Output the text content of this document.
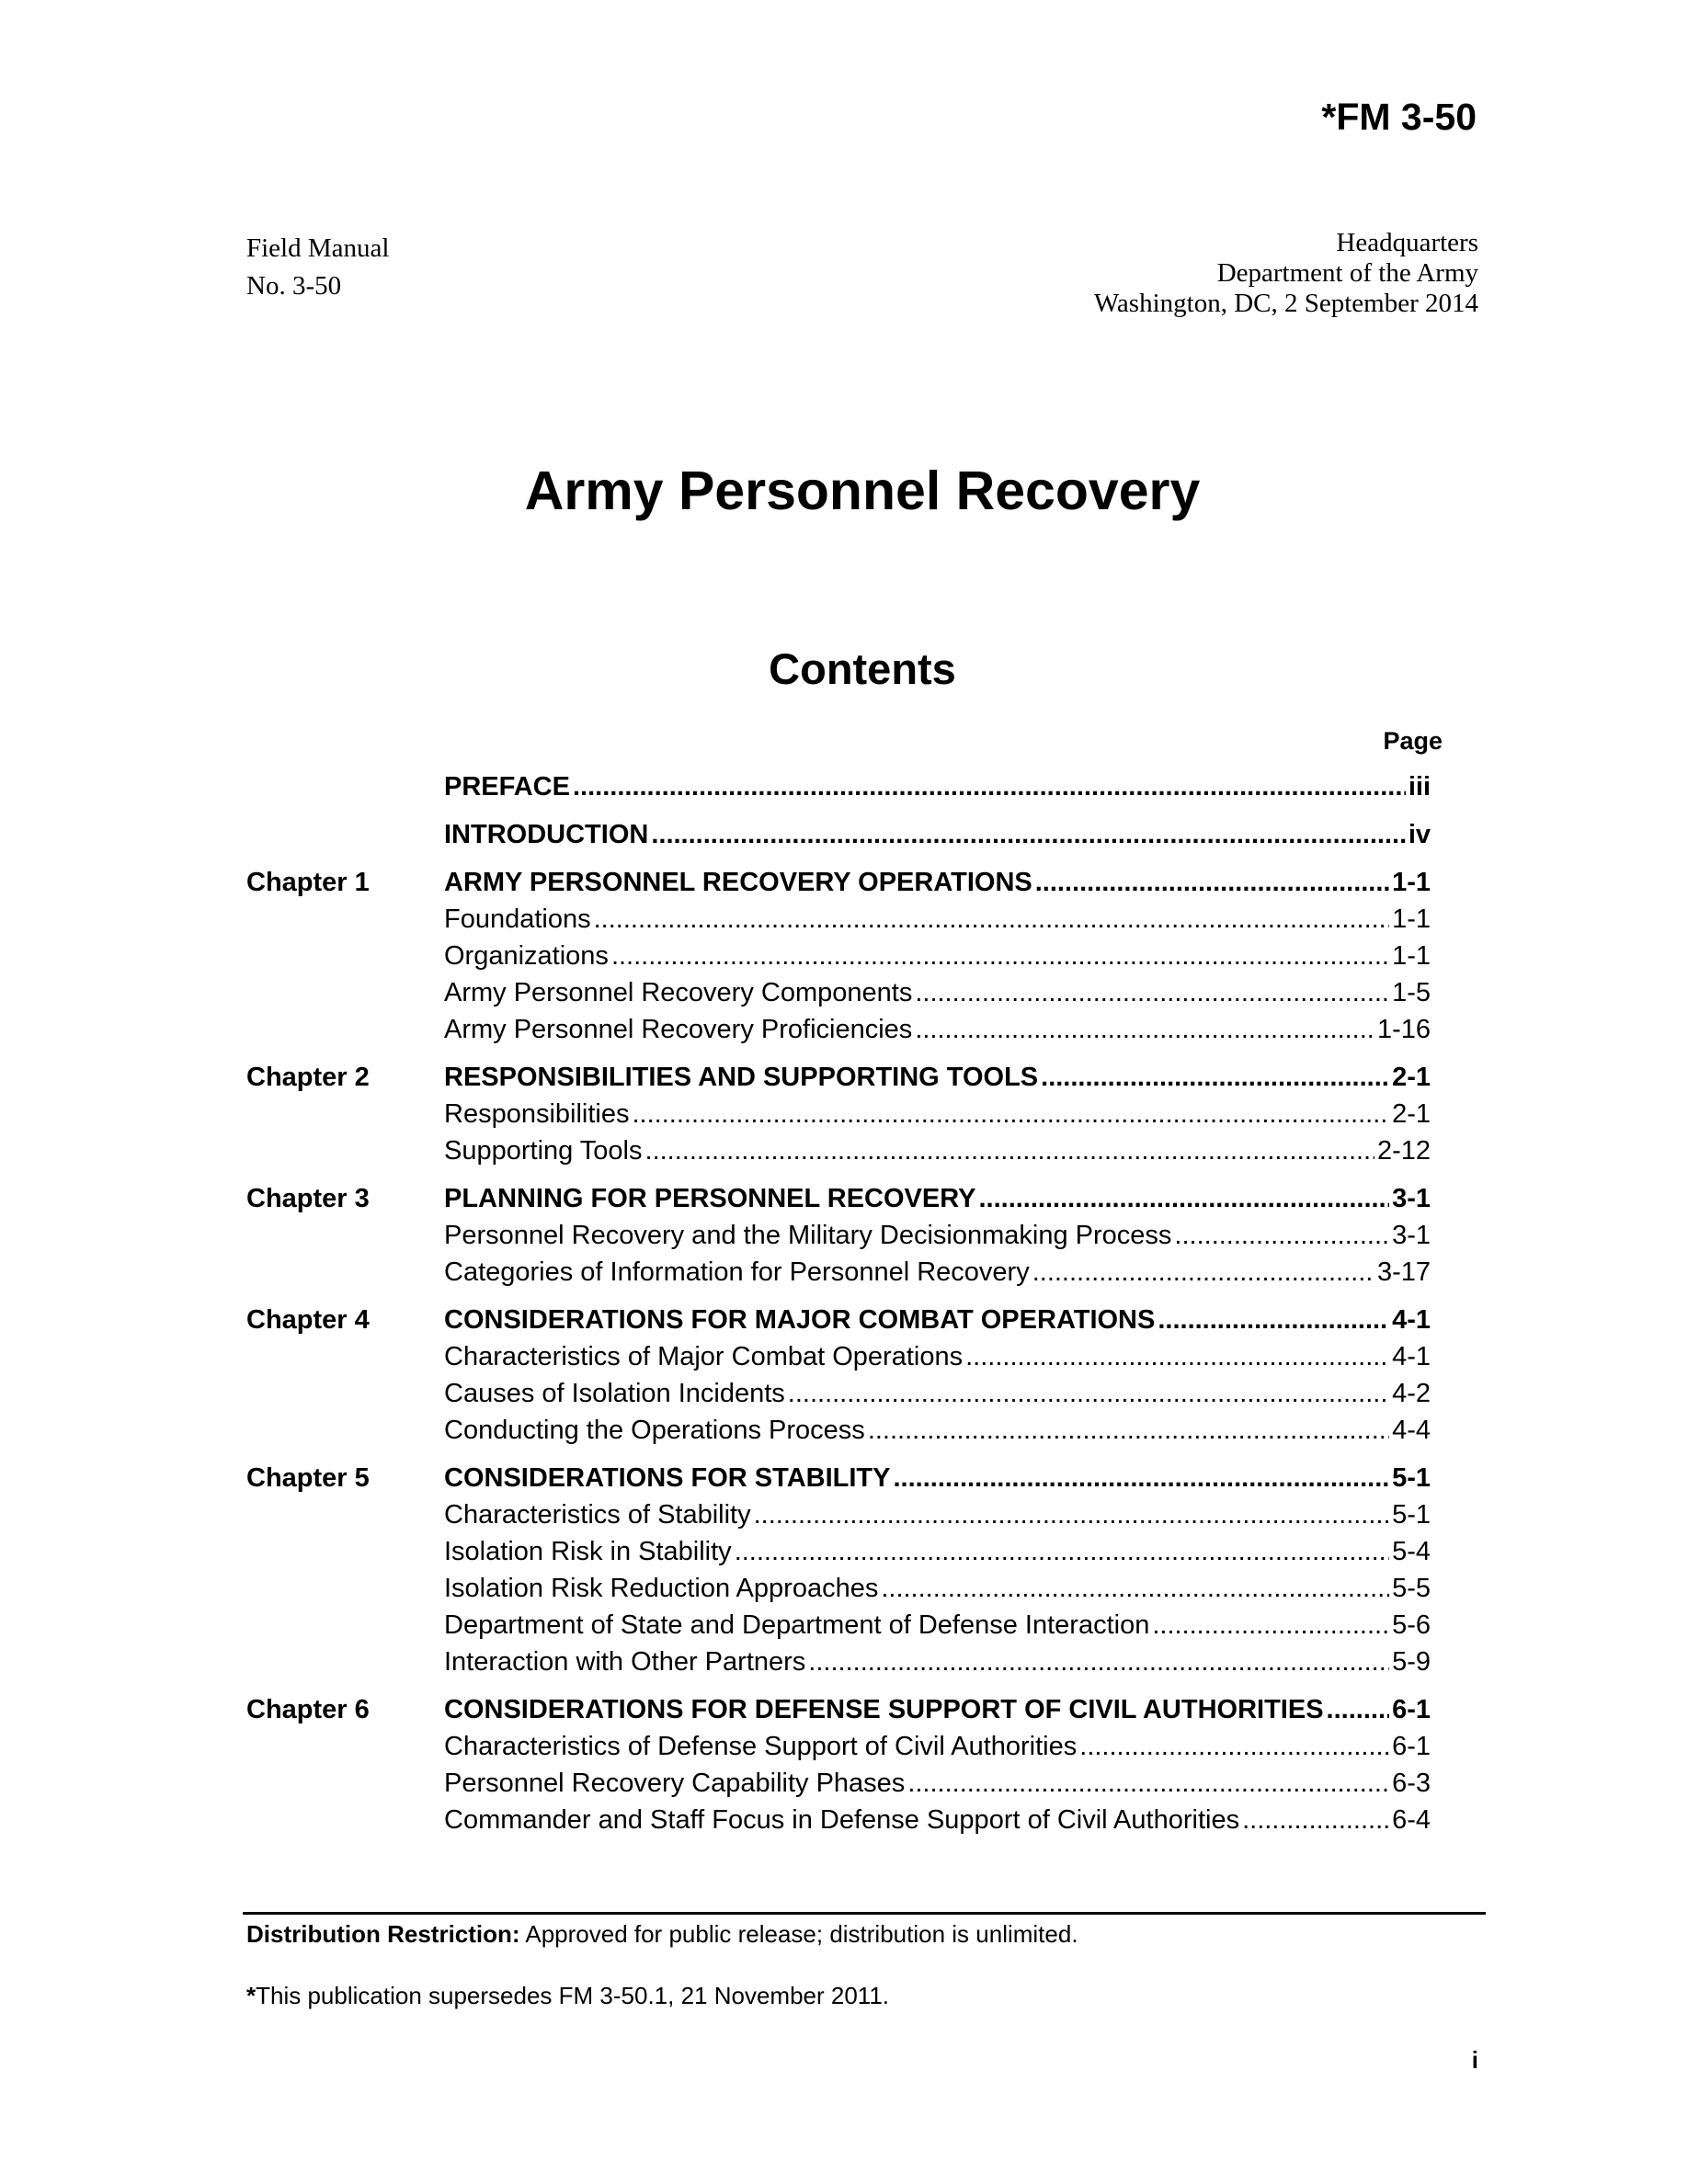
*FM 3-50
Field Manual
No. 3-50
Headquarters
Department of the Army
Washington, DC, 2 September 2014
Army Personnel Recovery
Contents
Page
PREFACE .....	iii
INTRODUCTION .....	iv
Chapter 1	ARMY PERSONNEL RECOVERY OPERATIONS .....	1-1
Foundations .....	1-1
Organizations .....	1-1
Army Personnel Recovery Components .....	1-5
Army Personnel Recovery Proficiencies .....	1-16
Chapter 2	RESPONSIBILITIES AND SUPPORTING TOOLS .....	2-1
Responsibilities .....	2-1
Supporting Tools .....	2-12
Chapter 3	PLANNING FOR PERSONNEL RECOVERY .....	3-1
Personnel Recovery and the Military Decisionmaking Process .....	3-1
Categories of Information for Personnel Recovery .....	3-17
Chapter 4	CONSIDERATIONS FOR MAJOR COMBAT OPERATIONS .....	4-1
Characteristics of Major Combat Operations .....	4-1
Causes of Isolation Incidents .....	4-2
Conducting the Operations Process .....	4-4
Chapter 5	CONSIDERATIONS FOR STABILITY .....	5-1
Characteristics of Stability .....	5-1
Isolation Risk in Stability .....	5-4
Isolation Risk Reduction Approaches .....	5-5
Department of State and Department of Defense Interaction .....	5-6
Interaction with Other Partners .....	5-9
Chapter 6	CONSIDERATIONS FOR DEFENSE SUPPORT OF CIVIL AUTHORITIES .....	6-1
Characteristics of Defense Support of Civil Authorities .....	6-1
Personnel Recovery Capability Phases .....	6-3
Commander and Staff Focus in Defense Support of Civil Authorities .....	6-4
Distribution Restriction: Approved for public release; distribution is unlimited.
*This publication supersedes FM 3-50.1, 21 November 2011.
i
